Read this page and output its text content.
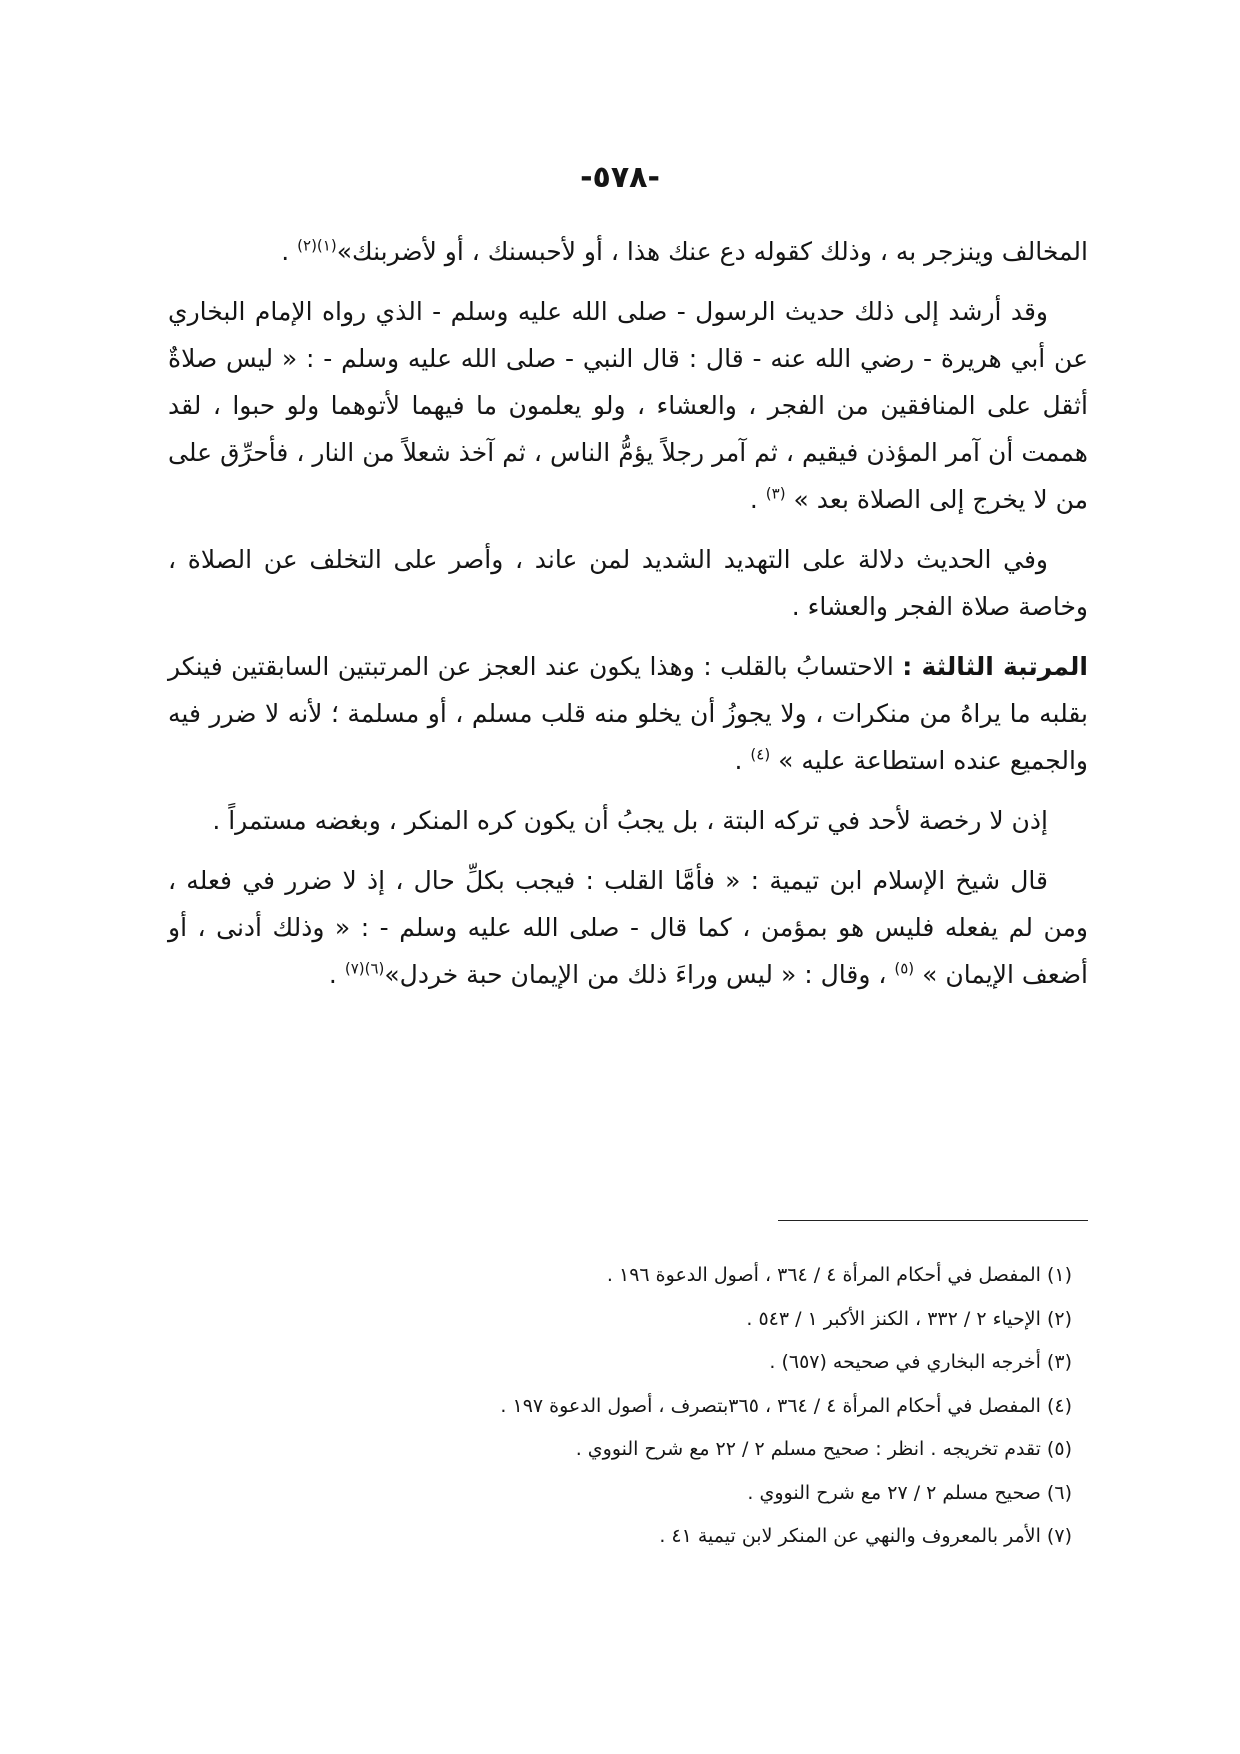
-٥٧٨-

المخالف وينزجر به ، وذلك كقوله دع عنك هذا ، أو لأحبسنك ، أو لأضربنك»$^{(١)(٢)}$ .

وقد أرشد إلى ذلك حديث الرسول - صلى الله عليه وسلم - الذي رواه الإمام البخاري عن أبي هريرة - رضي الله عنه - قال : قال النبي - صلى الله عليه وسلم - : « ليس صلاةٌ أثقل على المنافقين من الفجر ، والعشاء ، ولو يعلمون ما فيهما لأتوهما ولو حبوا ، لقد هممت أن آمر المؤذن فيقيم ، ثم آمر رجلاً يؤمُّ الناس ، ثم آخذ شعلاً من النار ، فأحرِّق على من لا يخرج إلى الصلاة بعد » $^{(٣)}$ .

وفي الحديث دلالة على التهديد الشديد لمن عاند ، وأصر على التخلف عن الصلاة ، وخاصة صلاة الفجر والعشاء .

المرتبة الثالثة : الاحتسابُ بالقلب : وهذا يكون عند العجز عن المرتبتين السابقتين فينكر بقلبه ما يراهُ من منكرات ، ولا يجوزُ أن يخلو منه قلب مسلم ، أو مسلمة ؛ لأنه لا ضرر فيه والجميع عنده استطاعة عليه » $^{(٤)}$ .

إذن لا رخصة لأحد في تركه البتة ، بل يجبُ أن يكون كره المنكر ، وبغضه مستمراً .

قال شيخ الإسلام ابن تيمية : « فأمَّا القلب : فيجب بكلِّ حال ، إذ لا ضرر في فعله ، ومن لم يفعله فليس هو بمؤمن ، كما قال - صلى الله عليه وسلم - : « وذلك أدنى ، أو أضعف الإيمان » $^{(٥)}$ ، وقال : « ليس وراءَ ذلك من الإيمان حبة خردل»$^{(٦)(٧)}$ .

(١) المفصل في أحكام المرأة ٤ / ٣٦٤ ، أصول الدعوة ١٩٦ .
(٢) الإحياء ٢ / ٣٣٢ ، الكنز الأكبر ١ / ٥٤٣ .
(٣) أخرجه البخاري في صحيحه (٦٥٧) .
(٤) المفصل في أحكام المرأة ٤ / ٣٦٤ ، ٣٦٥بتصرف ، أصول الدعوة ١٩٧ .
(٥) تقدم تخريجه . انظر : صحيح مسلم ٢ / ٢٢ مع شرح النووي .
(٦) صحيح مسلم ٢ / ٢٧ مع شرح النووي .
(٧) الأمر بالمعروف والنهي عن المنكر لابن تيمية ٤١ .
